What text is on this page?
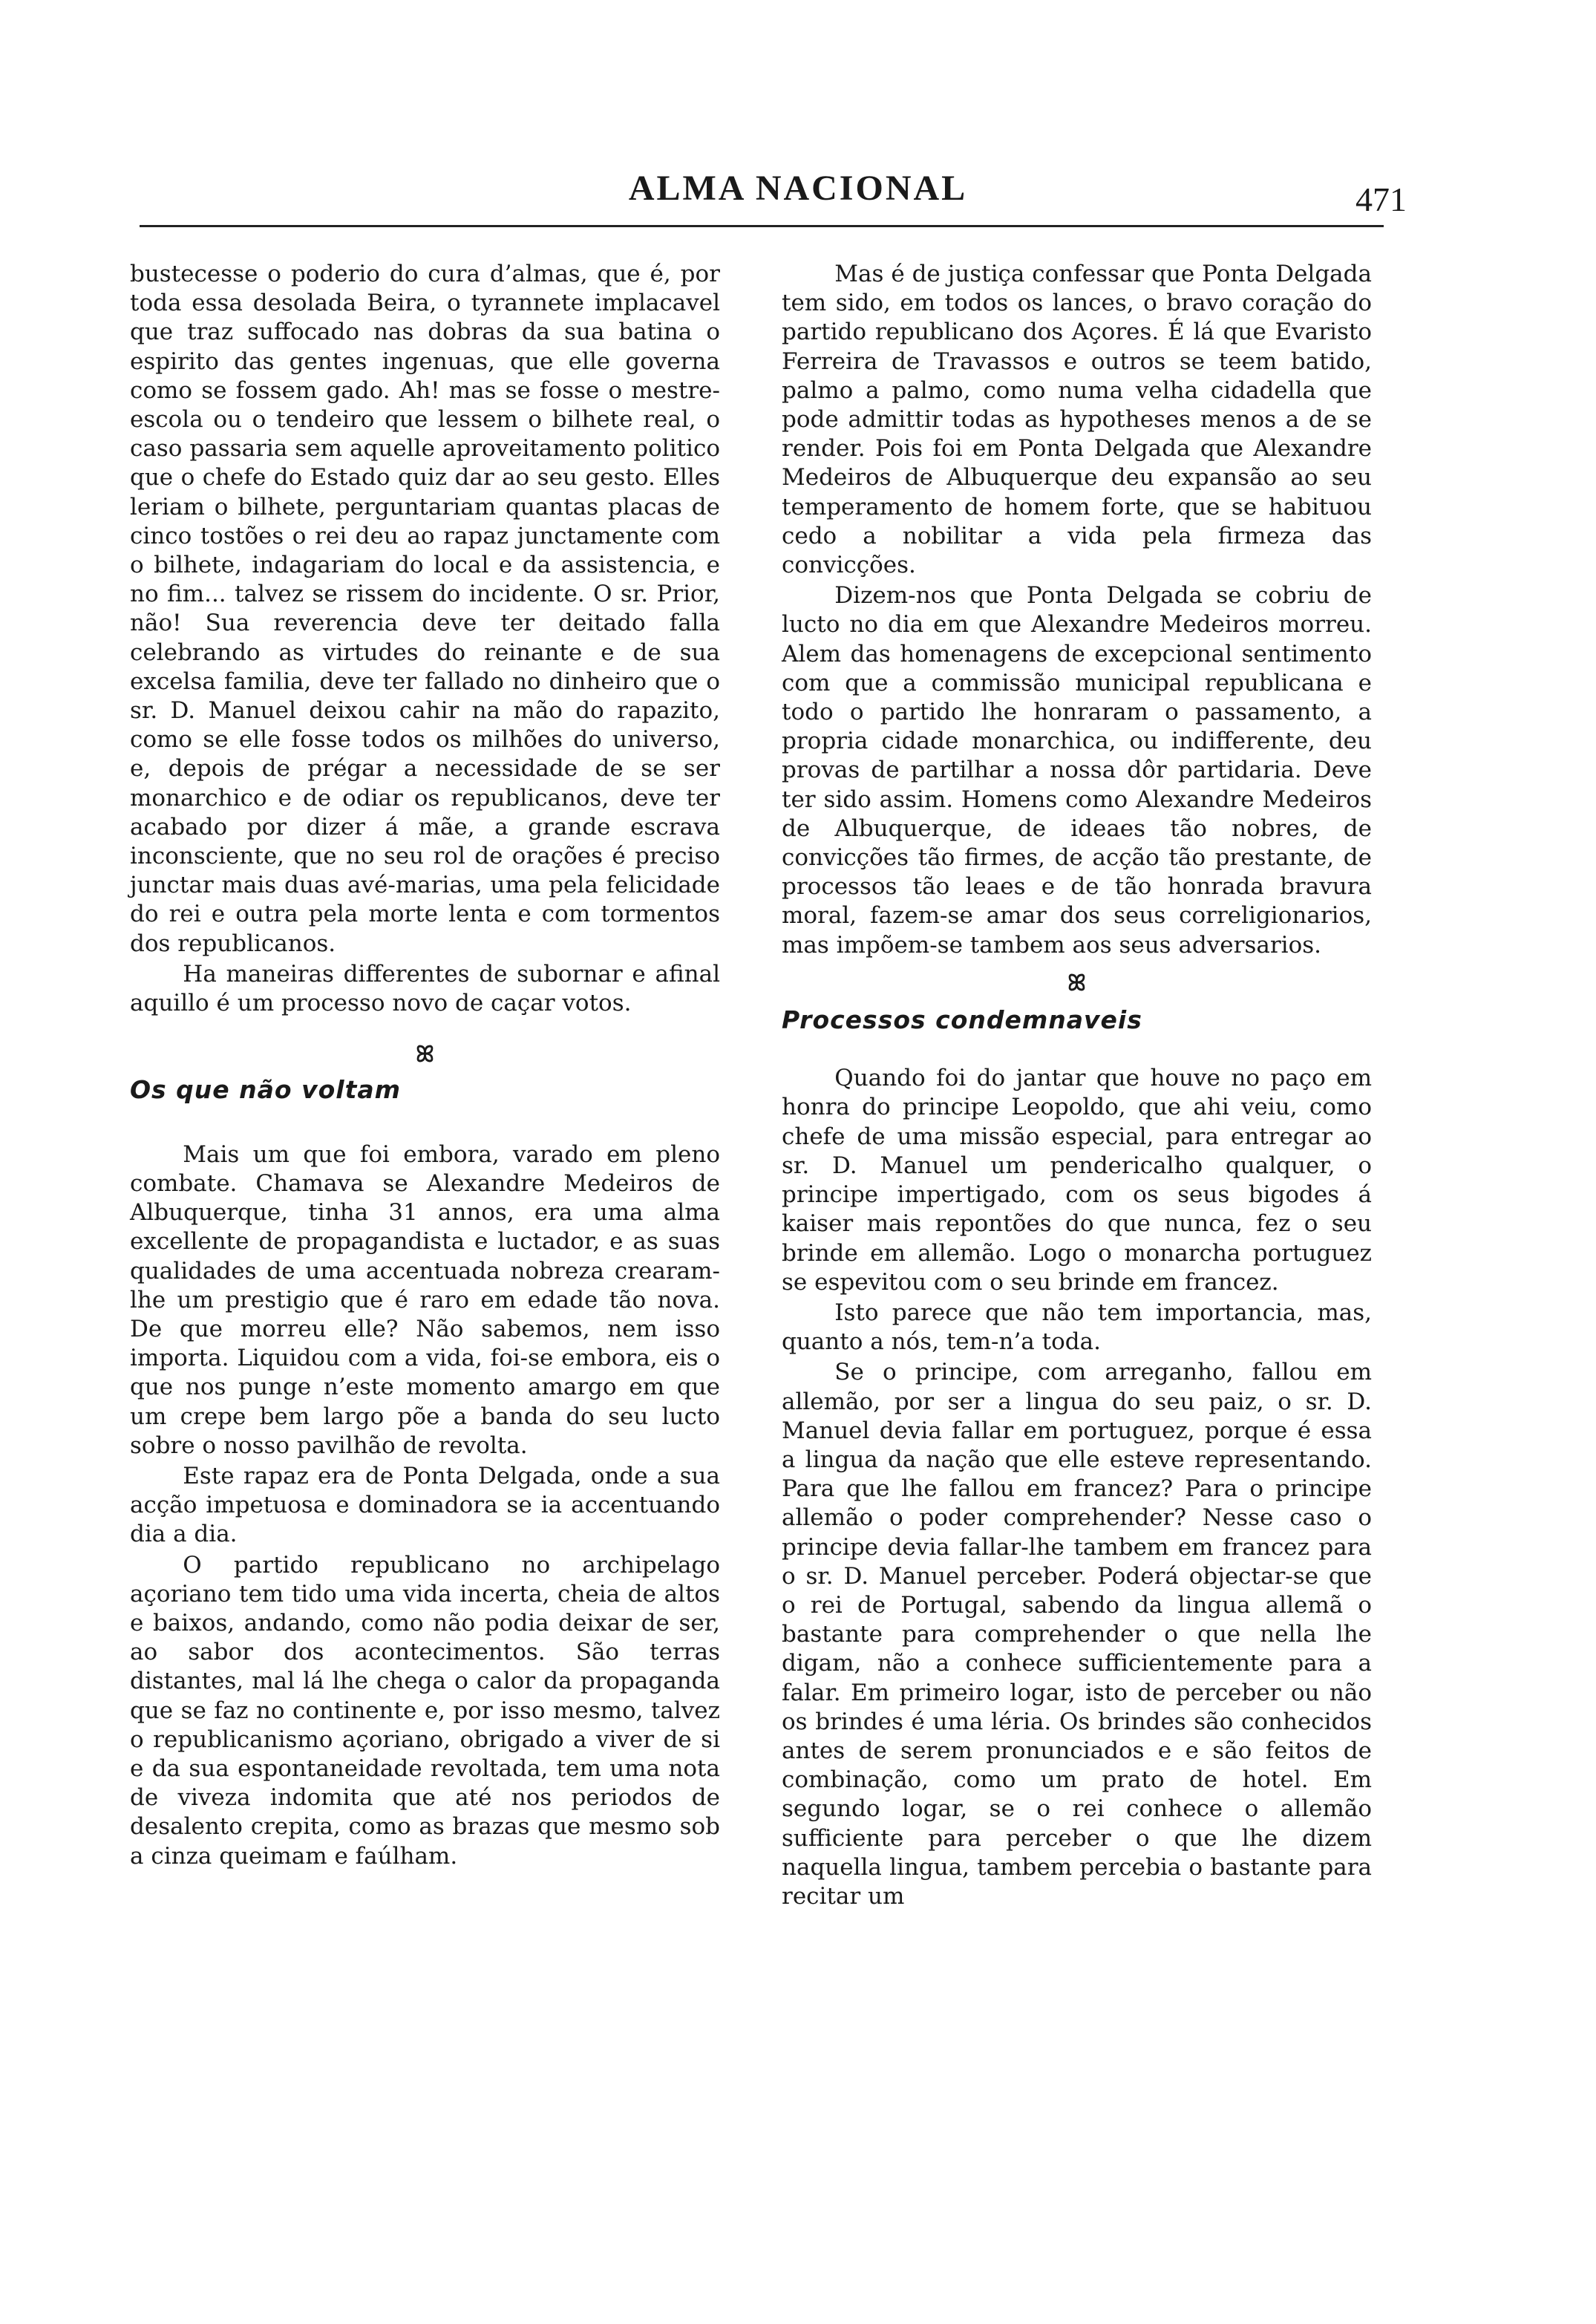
ALMA NACIONAL	471

bustecesse o poderio do cura d’almas, que é, por toda essa desolada Beira, o tyrannete implacavel que traz suffocado nas dobras da sua batina o espirito das gentes ingenuas, que elle governa como se fossem gado. Ah! mas se fosse o mestre-escola ou o tendeiro que lessem o bilhete real, o caso passaria sem aquelle aproveitamento politico que o chefe do Estado quiz dar ao seu gesto. Elles leriam o bilhete, perguntariam quantas placas de cinco tostões o rei deu ao rapaz junctamente com o bilhete, indagariam do local e da assistencia, e no fim... talvez se rissem do incidente. O sr. Prior, não! Sua reverencia deve ter deitado falla celebrando as virtudes do reinante e de sua excelsa familia, deve ter fallado no dinheiro que o sr. D. Manuel deixou cahir na mão do rapazito, como se elle fosse todos os milhões do universo, e, depois de prégar a necessidade de se ser monarchico e de odiar os republicanos, deve ter acabado por dizer á mãe, a grande escrava inconsciente, que no seu rol de orações é preciso junctar mais duas avé-marias, uma pela felicidade do rei e outra pela morte lenta e com tormentos dos republicanos.

Ha maneiras differentes de subornar e afinal aquillo é um processo novo de caçar votos.

ꕤ
Os que não voltam

Mais um que foi embora, varado em pleno combate. Chamava se Alexandre Medeiros de Albuquerque, tinha 31 annos, era uma alma excellente de propagandista e luctador, e as suas qualidades de uma accentuada nobreza crearam-lhe um prestigio que é raro em edade tão nova. De que morreu elle? Não sabemos, nem isso importa. Liquidou com a vida, foi-se embora, eis o que nos punge n’este momento amargo em que um crepe bem largo põe a banda do seu lucto sobre o nosso pavilhão de revolta.

Este rapaz era de Ponta Delgada, onde a sua acção impetuosa e dominadora se ia accentuando dia a dia.

O partido republicano no archipelago açoriano tem tido uma vida incerta, cheia de altos e baixos, andando, como não podia deixar de ser, ao sabor dos acontecimentos. São terras distantes, mal lá lhe chega o calor da propaganda que se faz no continente e, por isso mesmo, talvez o republicanismo açoriano, obrigado a viver de si e da sua espontaneidade revoltada, tem uma nota de viveza indomita que até nos periodos de desalento crepita, como as brazas que mesmo sob a cinza queimam e faúlham.

Mas é de justiça confessar que Ponta Delgada tem sido, em todos os lances, o bravo coração do partido republicano dos Açores. É lá que Evaristo Ferreira de Travassos e outros se teem batido, palmo a palmo, como numa velha cidadella que pode admittir todas as hypotheses menos a de se render. Pois foi em Ponta Delgada que Alexandre Medeiros de Albuquerque deu expansão ao seu temperamento de homem forte, que se habituou cedo a nobilitar a vida pela firmeza das convicções.

Dizem-nos que Ponta Delgada se cobriu de lucto no dia em que Alexandre Medeiros morreu. Alem das homenagens de excepcional sentimento com que a commissão municipal republicana e todo o partido lhe honraram o passamento, a propria cidade monarchica, ou indifferente, deu provas de partilhar a nossa dôr partidaria. Deve ter sido assim. Homens como Alexandre Medeiros de Albuquerque, de ideaes tão nobres, de convicções tão firmes, de acção tão prestante, de processos tão leaes e de tão honrada bravura moral, fazem-se amar dos seus correligionarios, mas impõem-se tambem aos seus adversarios.

ꕤ
Processos condemnaveis

Quando foi do jantar que houve no paço em honra do principe Leopoldo, que ahi veiu, como chefe de uma missão especial, para entregar ao sr. D. Manuel um pendericalho qualquer, o principe impertigado, com os seus bigodes á kaiser mais repontões do que nunca, fez o seu brinde em allemão. Logo o monarcha portuguez se espevitou com o seu brinde em francez.

Isto parece que não tem importancia, mas, quanto a nós, tem-n’a toda.

Se o principe, com arreganho, fallou em allemão, por ser a lingua do seu paiz, o sr. D. Manuel devia fallar em portuguez, porque é essa a lingua da nação que elle esteve representando. Para que lhe fallou em francez? Para o principe allemão o poder comprehender? Nesse caso o principe devia fallar-lhe tambem em francez para o sr. D. Manuel perceber. Poderá objectar-se que o rei de Portugal, sabendo da lingua allemã o bastante para comprehender o que nella lhe digam, não a conhece sufficientemente para a falar. Em primeiro logar, isto de perceber ou não os brindes é uma léria. Os brindes são conhecidos antes de serem pronunciados e e são feitos de combinação, como um prato de hotel. Em segundo logar, se o rei conhece o allemão sufficiente para perceber o que lhe dizem naquella lingua, tambem percebia o bastante para recitar um
